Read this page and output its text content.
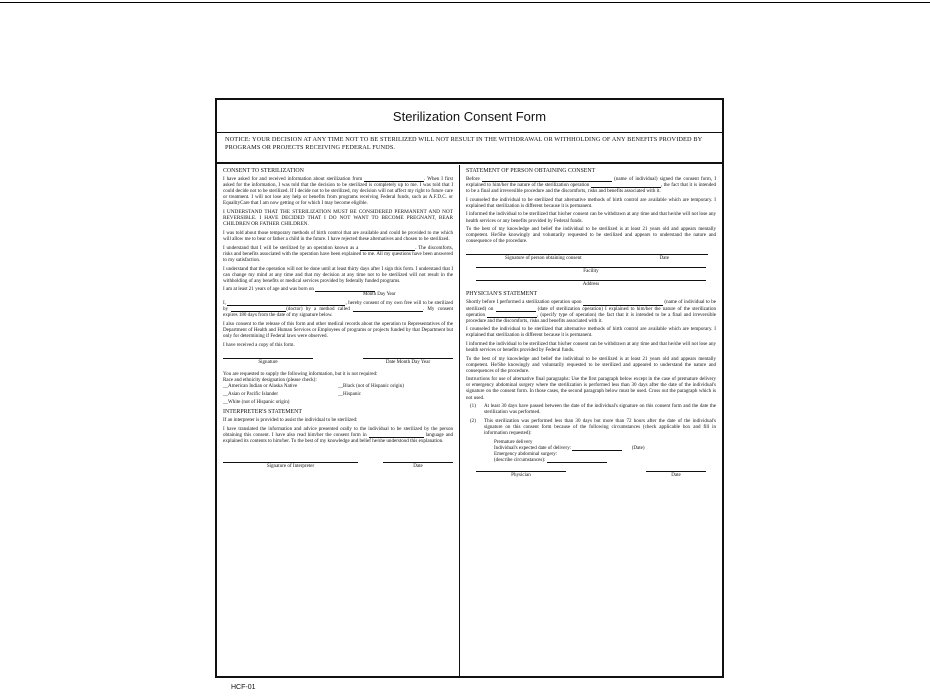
Sterilization Consent Form
NOTICE: YOUR DECISION AT ANY TIME NOT TO BE STERILIZED WILL NOT RESULT IN THE WITHDRAWAL OR WITHHOLDING OF ANY BENEFITS PROVIDED BY PROGRAMS OR PROJECTS RECEIVING FEDERAL FUNDS.
CONSENT TO STERILIZATION

I have asked for and received information about sterilization from	. When I first asked for the information, I was told that the decision to be sterilized is completely up to me. I was told that I could decide not to be sterilized. If I decide not to be sterilized, my decision will not affect my right to future care or treatment. I will not lose any help or benefits from programs receiving Federal funds, such as A.F.D.C. or EqualityCare that I am now getting or for which I may become eligible.

I UNDERSTAND THAT THE STERILIZATION MUST BE CONSIDERED PERMANENT AND NOT REVERSIBLE. I HAVE DECIDED THAT I DO NOT WANT TO BECOME PREGNANT, BEAR CHILDREN OR FATHER CHILDREN.

I was told about those temporary methods of birth control that are available and could be provided to me which will allow me to bear or father a child in the future. I have rejected these alternatives and chosen to be sterilized.

I understand that I will be sterilized by an operation known as a	. The discomforts, risks and benefits associated with the operation have been explained to me. All my questions have been answered to my satisfaction.

I understand that the operation will not be done until at least thirty days after I sign this form. I understand that I can change my mind at any time and that my decision at any time not to be sterilized will not result in the withholding of any benefits or medical services provided by federally funded programs.

I am at least 21 years of age and was born on

Month Day Year

I,	, hereby consent of my own free will to be sterilized by	(doctor) by a method called	. My consent expires 180 days from the date of my signature below.

I also consent to the release of this form and other medical records about the operation to Representatives of the Department of Health and Human Services or Employees of programs or projects funded by that Department but only for determining if Federal laws were observed.

I have received a copy of this form.

Signature	Date Month Day Year

You are requested to supply the following information, but it is not required:

Race and ethnicity designation (please check):
__American Indian or Alaska Native	__Black (not of Hispanic origin)
__Asian or Pacific Islander	__Hispanic
__White (not of Hispanic origin)
INTERPRETER'S STATEMENT

If an interpreter is provided to assist the individual to be sterilized:

I have translated the information and advice presented orally to the individual to be sterilized by the person obtaining this consent. I have also read him/her the consent form in	language and explained its contents to him/her. To the best of my knowledge and belief he/she understood this explanation.

Signature of Interpreter	Date
STATEMENT OF PERSON OBTAINING CONSENT

Before	(name of individual) signed the consent form, I explained to him/her the nature of the sterilization operation	, the fact that it is intended to be a final and irreversible procedure and the discomforts, risks and benefits associated with it.

I counseled the individual to be sterilized that alternative methods of birth control are available which are temporary. I explained that sterilization is different because it is permanent.

I informed the individual to be sterilized that his/her consent can be withdrawn at any time and that he/she will not lose any health services or any benefits provided by Federal funds.

To the best of my knowledge and belief the individual to be sterilized is at least 21 years old and appears mentally competent. He/She knowingly and voluntarily requested to be sterilized and appears to understand the nature and consequence of the procedure.

Signature of person obtaining consent	Date
Facility
Address
PHYSICIAN'S STATEMENT

Shortly before I performed a sterilization operation upon	(name of individual to be sterilized) on	(date of sterilization operation) I explained to him/her the nature of the sterilization operation	, (specify type of operation) the fact that it is intended to be a final and irreversible procedure and the discomforts, risks and benefits associated with it.

I counseled the individual to be sterilized that alternative methods of birth control are available which are temporary. I explained that sterilization is different because it is permanent.

I informed the individual to be sterilized that his/her consent can be withdrawn at any time and that he/she will not lose any health services or benefits provided by Federal funds.

To the best of my knowledge and belief the individual to be sterilized is at least 21 years old and appears mentally competent. He/She knowingly and voluntarily requested to be sterilized and appeared to understand the nature and consequences of the procedure.

Instructions for use of alternative final paragraphs: Use the first paragraph below except in the case of premature delivery or emergency abdominal surgery where the sterilization is performed less than 30 days after the date of the individual's signature on the consent form. In those cases, the second paragraph below must be used. Cross out the paragraph which is not used.

(1)	At least 30 days have passed between the date of the individual's signature on this consent form and the date the sterilization was performed.
(2)	This sterilization was performed less than 30 days but more than 72 hours after the date of the individual's signature on this consent form because of the following circumstances (check applicable box and fill in information requested):
Premature delivery
Individual's expected date of delivery:	(Date)
Emergency abdominal surgery:
(describe circumstances):
Physician	Date
HCF-01
